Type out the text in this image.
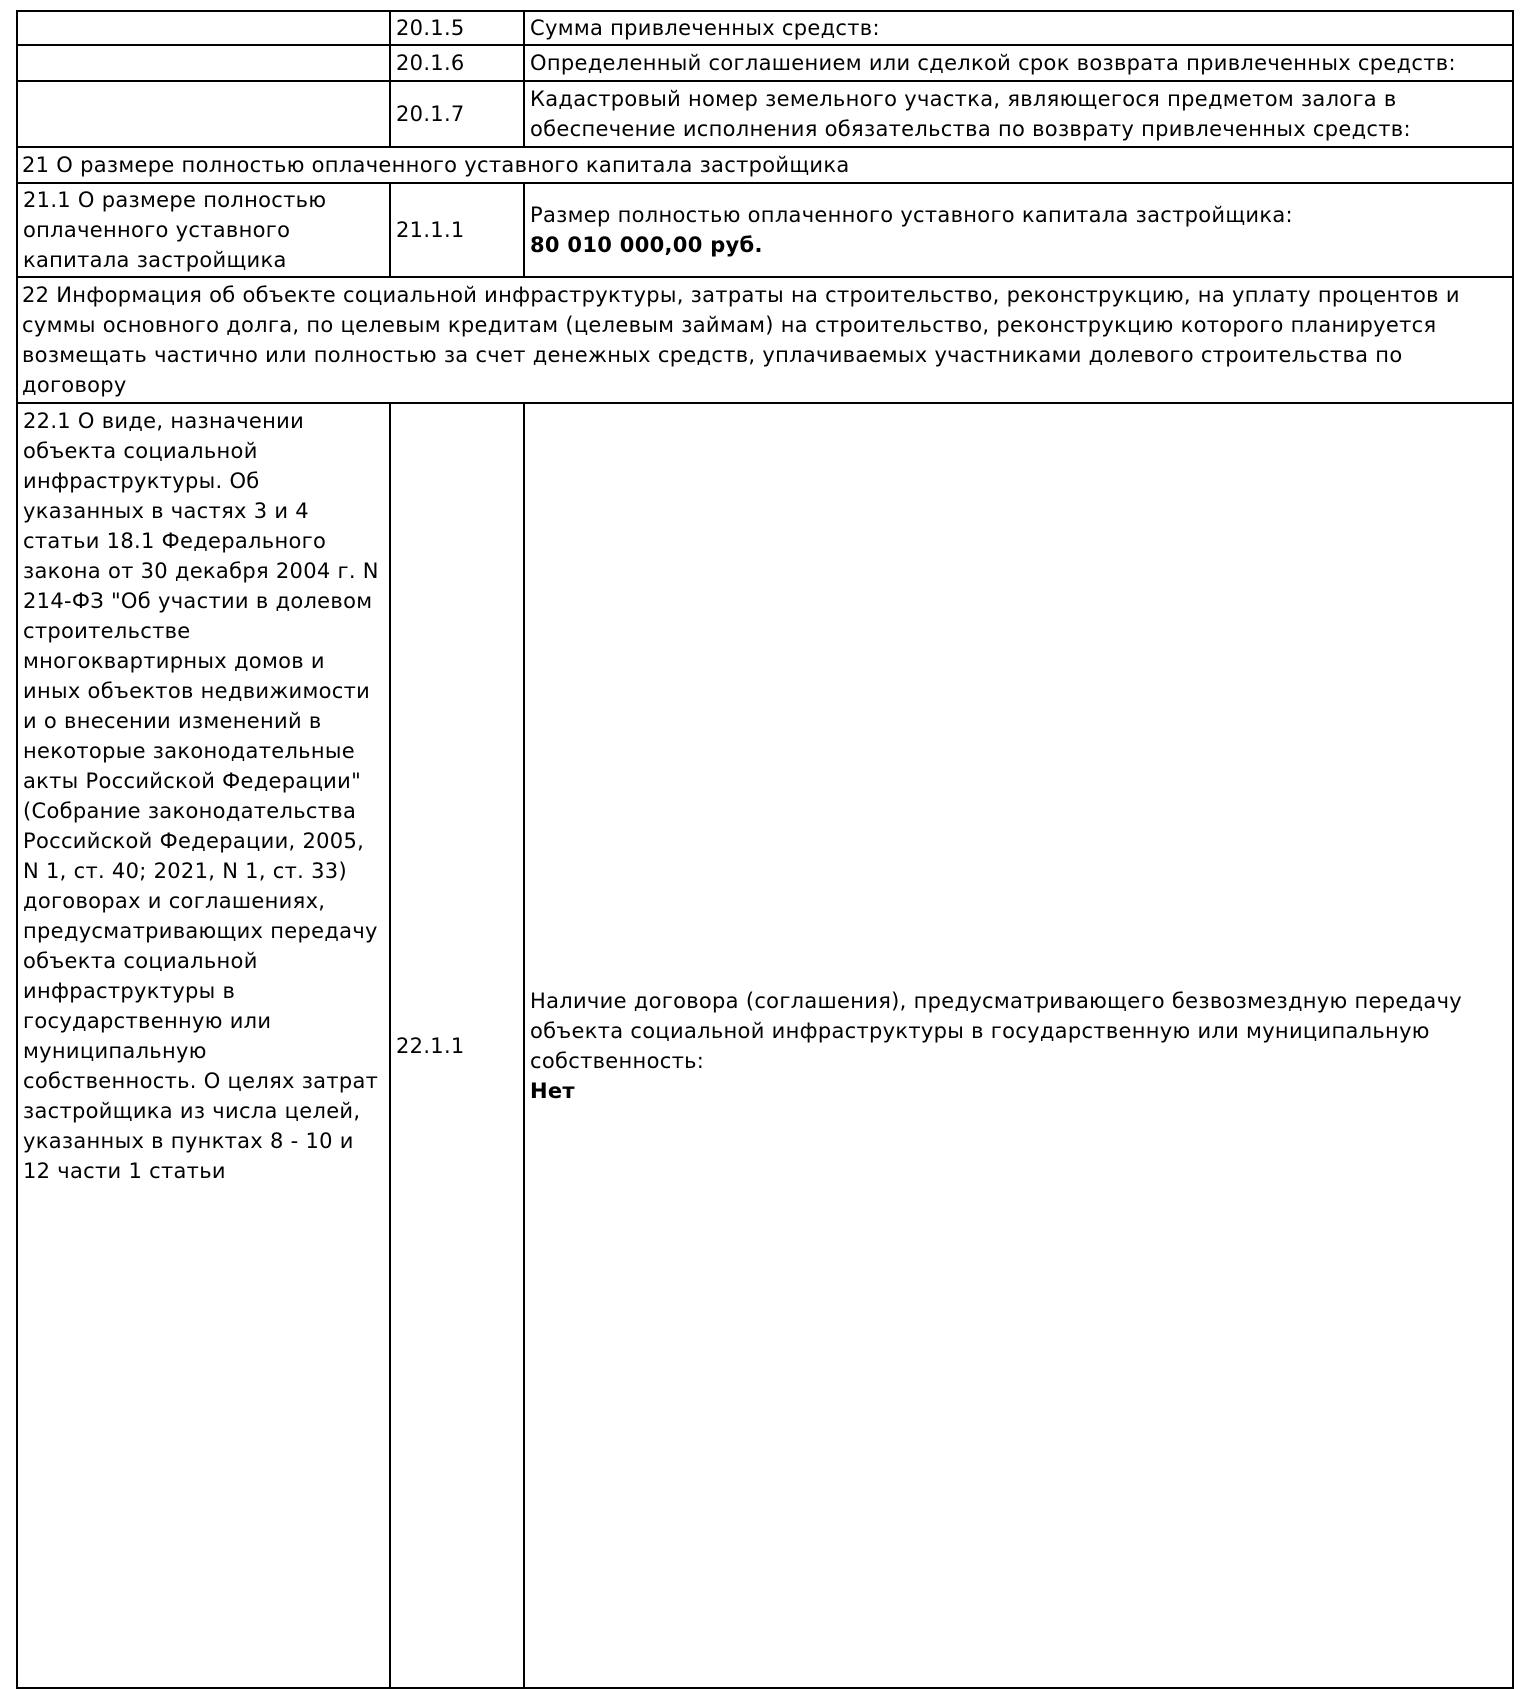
	20.1.5	Сумма привлеченных средств:

	20.1.6	Определенный соглашением или сделкой срок возврата привлеченных средств:

	20.1.7	Кадастровый номер земельного участка, являющегося предметом залога в обеспечение исполнения обязательства по возврату привлеченных средств:

21 О размере полностью оплаченного уставного капитала застройщика		
21.1 О размере полностью оплаченного уставного капитала застройщика	21.1.1	Размер полностью оплаченного уставного капитала застройщика:
80 010 000,00 руб.

22 Информация об объекте социальной инфраструктуры, затраты на строительство, реконструкцию, на уплату процентов и суммы основного долга, по целевым кредитам (целевым займам) на строительство, реконструкцию которого планируется возмещать частично или полностью за счет денежных средств, уплачиваемых участниками долевого строительства по договору		
22.1 О виде, назначении объекта социальной инфраструктуры. Об указанных в частях 3 и 4 статьи 18.1 Федерального закона от 30 декабря 2004 г. N 214-ФЗ "Об участии в долевом строительстве многоквартирных домов и иных объектов недвижимости и о внесении изменений в некоторые законодательные акты Российской Федерации" (Собрание законодательства Российской Федерации, 2005, N 1, ст. 40; 2021, N 1, ст. 33) договорах и соглашениях, предусматривающих передачу объекта социальной инфраструктуры в государственную или муниципальную собственность. О целях затрат застройщика из числа целей, указанных в пунктах 8 - 10 и 12 части 1 статьи	22.1.1	Наличие договора (соглашения), предусматривающего безвозмездную передачу объекта социальной инфраструктуры в государственную или муниципальную собственность:
Нет
